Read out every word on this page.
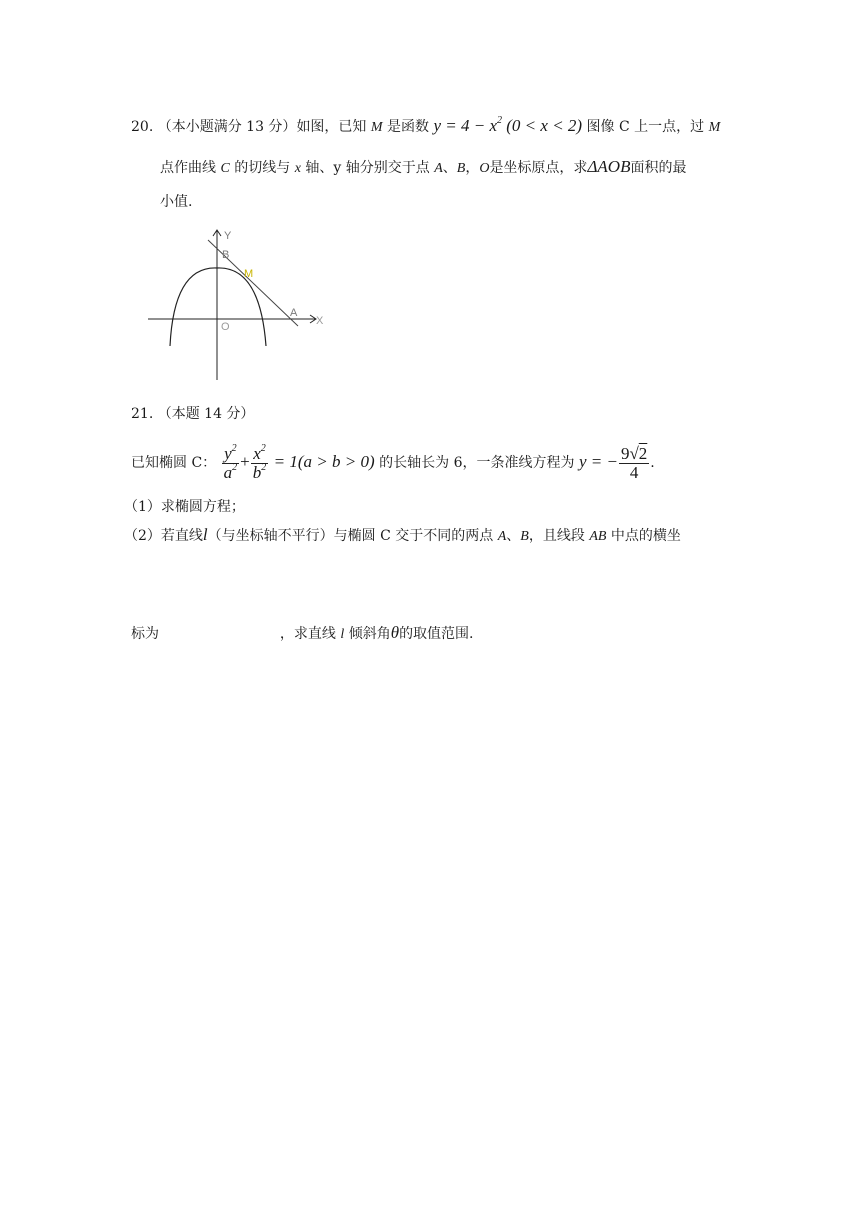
20. （本小题满分 13 分）如图，已知 M 是函数 $y = 4 - x^2$ (0 < x < 2) 图像 C 上一点，过 M
点作曲线 C 的切线与 x 轴、y 轴分别交于点 A、B，O是坐标原点，求ΔAOB面积的最
小值.
Y
B
M
A
O	X
21. （本题 14 分）
已知椭圆 C： $\frac{y^2}{a^2} + \frac{x^2}{b^2} = 1(a > b > 0)$ 的长轴长为 6，一条准线方程为 y = − $\frac{9√2}{4}$ .
（1）求椭圆方程；
（2）若直线l（与坐标轴不平行）与椭圆 C 交于不同的两点 A、B，且线段 AB 中点的横坐
标为	，求直线 l 倾斜角θ的取值范围.
